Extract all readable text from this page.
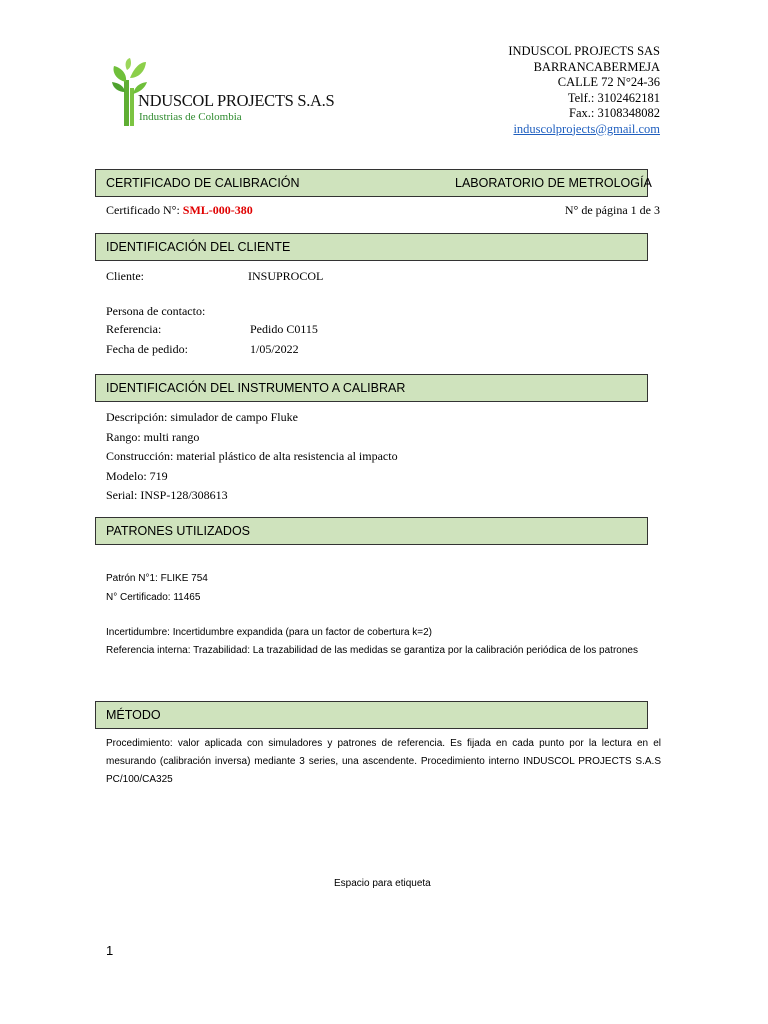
NDUSCOL PROJECTS S.A.S
Industrias de Colombia
INDUSCOL PROJECTS SAS
BARRANCABERMEJA
CALLE 72 N°24-36
Telf.: 3102462181
Fax.: 3108348082
induscolprojects@gmail.com
CERTIFICADO DE CALIBRACIÓN	LABORATORIO DE METROLOGÍA
Certificado N°: SML-000-380	N° de página 1 de 3
IDENTIFICACIÓN DEL CLIENTE
Cliente:	INSUPROCOL
Persona de contacto:
Referencia:	Pedido C0115
Fecha de pedido:	1/05/2022
IDENTIFICACIÓN DEL INSTRUMENTO A CALIBRAR
Descripción: simulador de campo Fluke
Rango: multi rango
Construcción: material plástico de alta resistencia al impacto
Modelo: 719
Serial: INSP-128/308613
PATRONES UTILIZADOS
Patrón N°1: FLIKE 754
N° Certificado: 11465
Incertidumbre: Incertidumbre expandida (para un factor de cobertura k=2)
Referencia interna: Trazabilidad: La trazabilidad de las medidas se garantiza por la calibración periódica de los patrones
MÉTODO
Procedimiento: valor aplicada con simuladores y patrones de referencia. Es fijada en cada punto por la lectura en el mesurando (calibración inversa) mediante 3 series, una ascendente. Procedimiento interno INDUSCOL PROJECTS S.A.S PC/100/CA325
Espacio para etiqueta
1
